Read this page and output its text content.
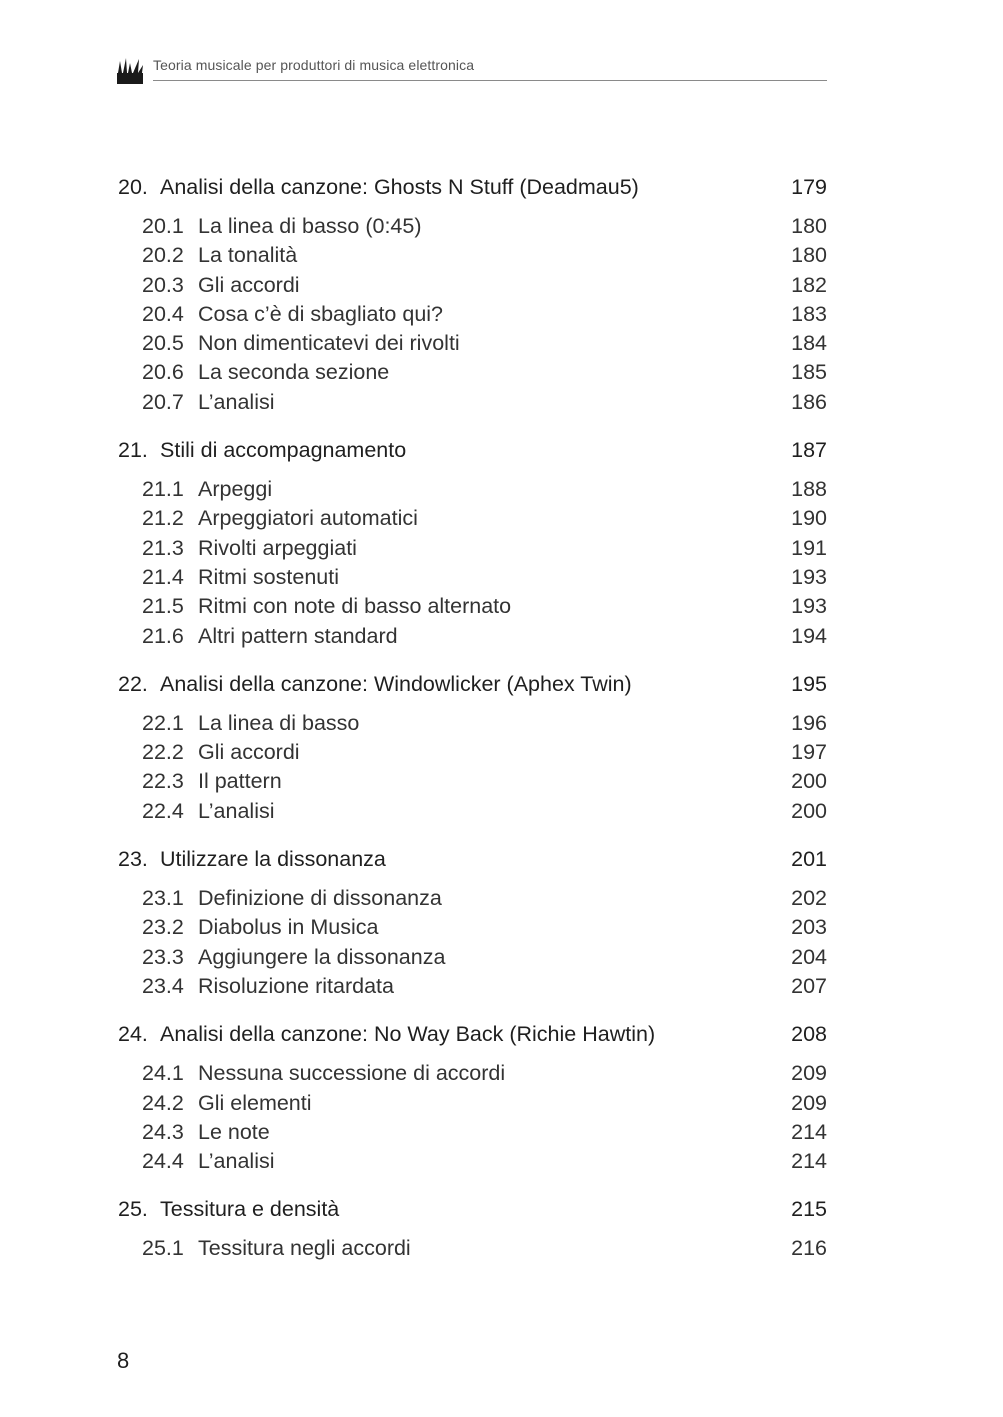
Teoria musicale per produttori di musica elettronica
20. Analisi della canzone: Ghosts N Stuff (Deadmau5)	179
20.1 La linea di basso (0:45)	180
20.2 La tonalità	180
20.3 Gli accordi	182
20.4 Cosa c’è di sbagliato qui?	183
20.5 Non dimenticatevi dei rivolti	184
20.6 La seconda sezione	185
20.7 L’analisi	186
21. Stili di accompagnamento	187
21.1 Arpeggi	188
21.2 Arpeggiatori automatici	190
21.3 Rivolti arpeggiati	191
21.4 Ritmi sostenuti	193
21.5 Ritmi con note di basso alternato	193
21.6 Altri pattern standard	194
22. Analisi della canzone: Windowlicker (Aphex Twin)	195
22.1 La linea di basso	196
22.2 Gli accordi	197
22.3 Il pattern	200
22.4 L’analisi	200
23. Utilizzare la dissonanza	201
23.1 Definizione di dissonanza	202
23.2 Diabolus in Musica	203
23.3 Aggiungere la dissonanza	204
23.4 Risoluzione ritardata	207
24. Analisi della canzone: No Way Back (Richie Hawtin)	208
24.1 Nessuna successione di accordi	209
24.2 Gli elementi	209
24.3 Le note	214
24.4 L’analisi	214
25. Tessitura e densità	215
25.1 Tessitura negli accordi	216
8
